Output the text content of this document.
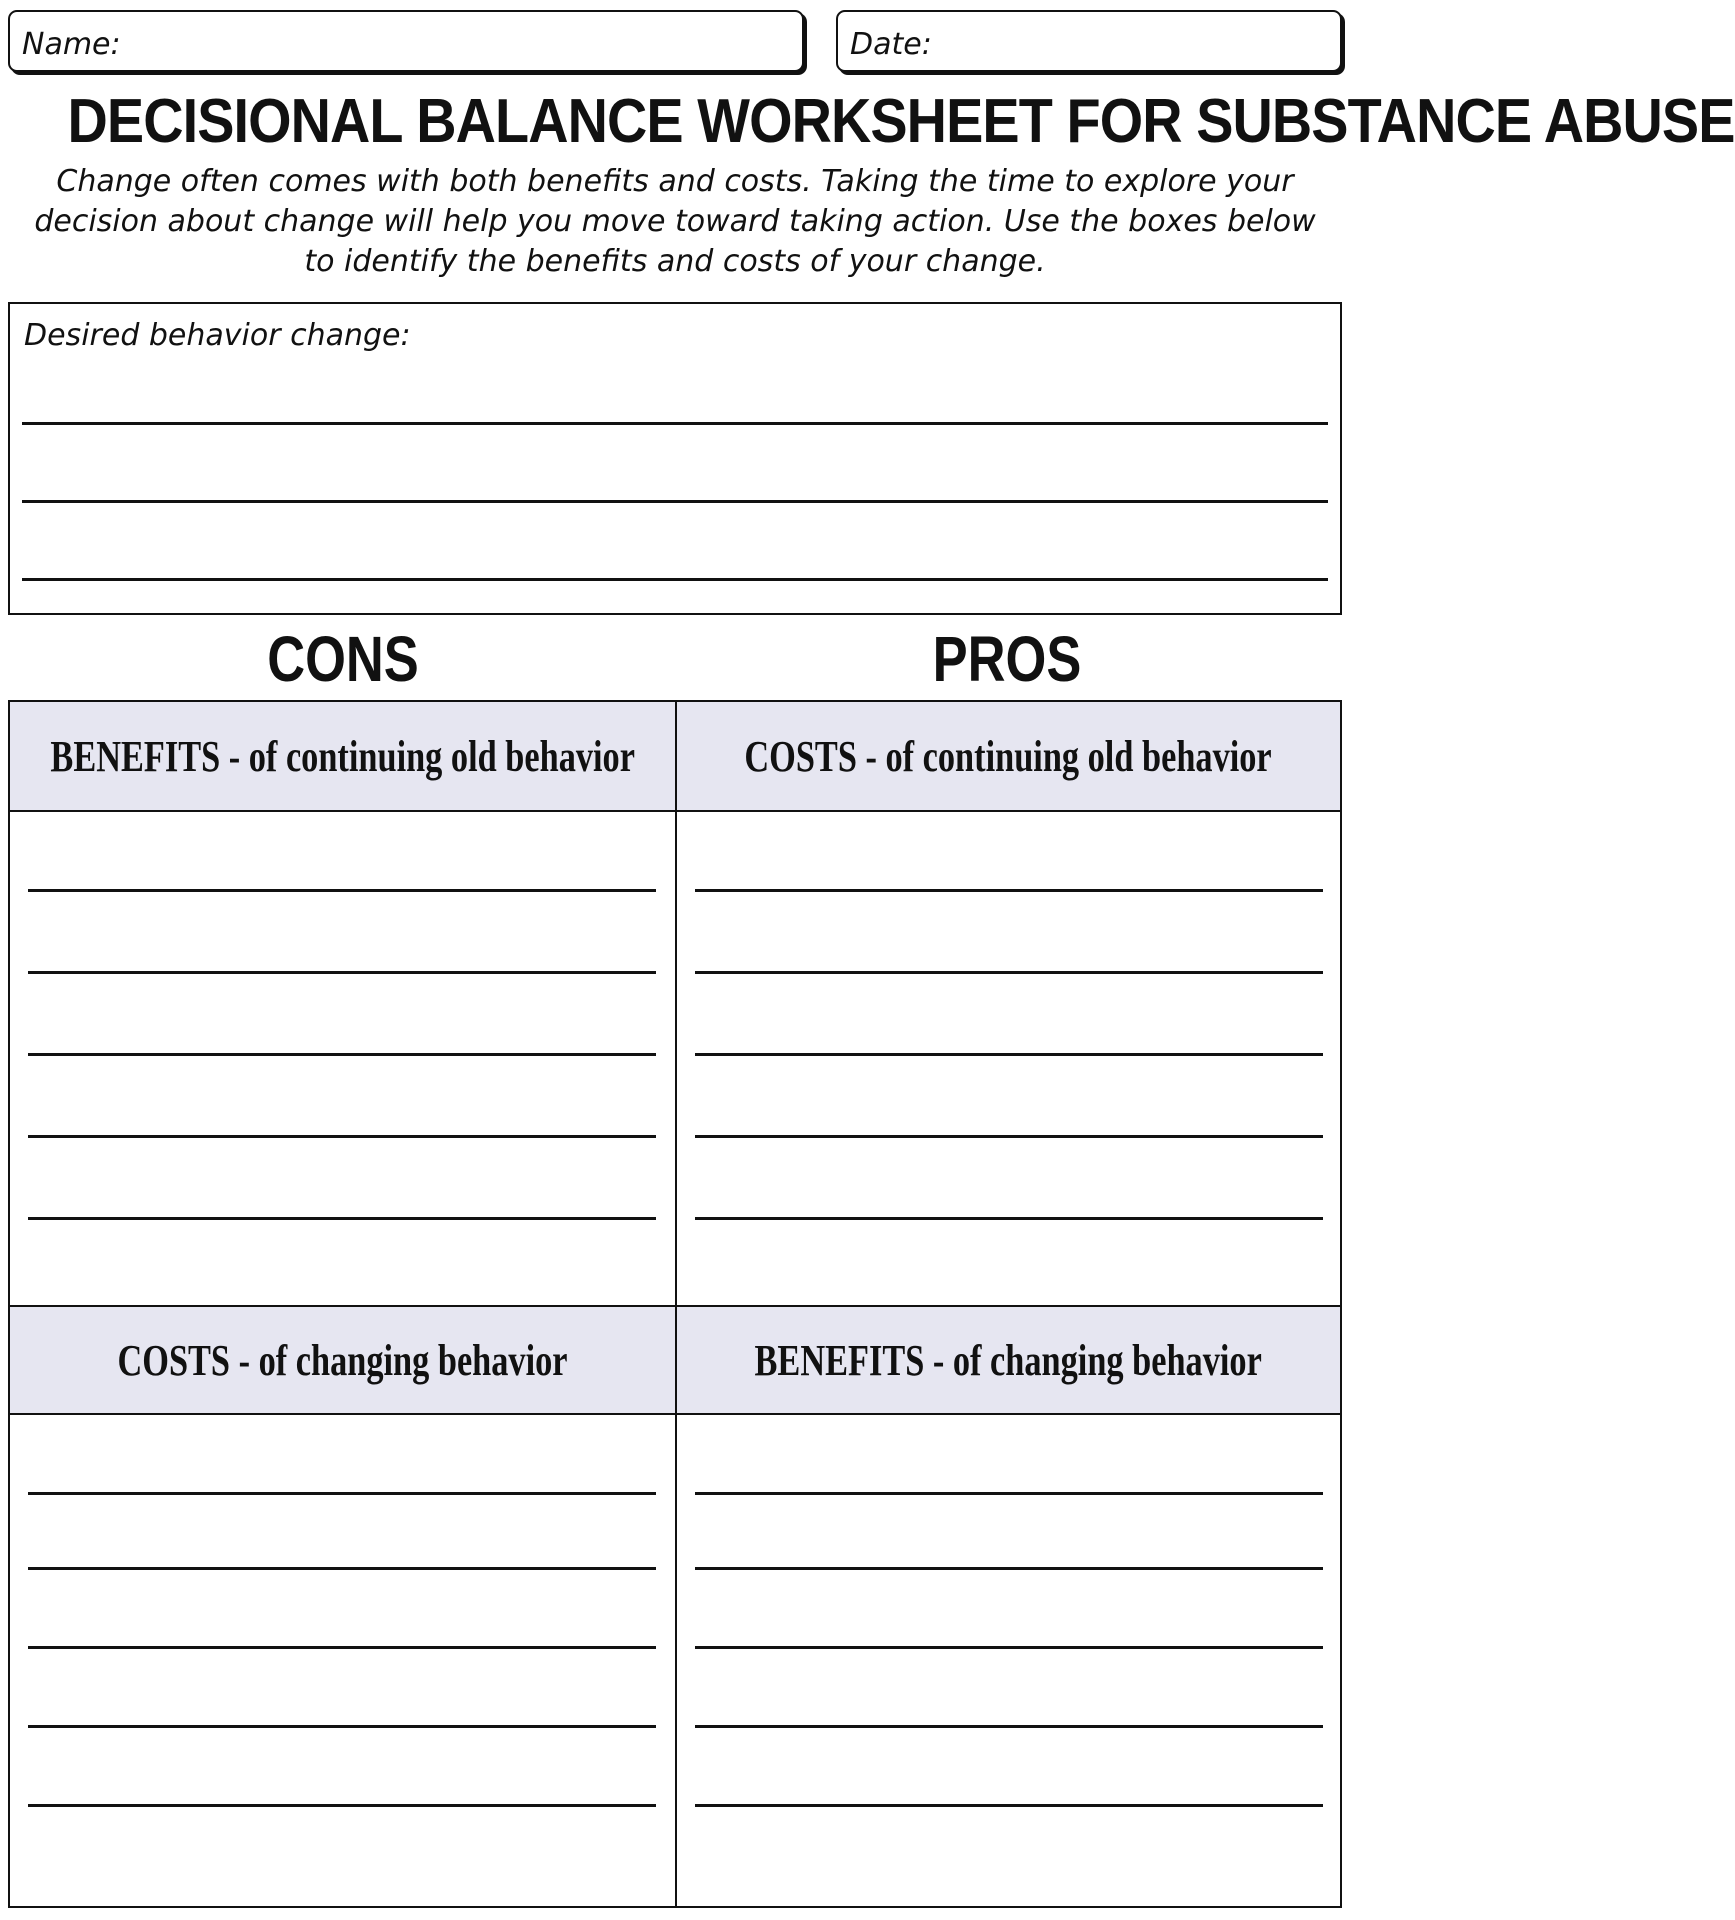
Name:	Date:
DECISIONAL BALANCE WORKSHEET FOR SUBSTANCE ABUSE
Change often comes with both benefits and costs. Taking the time to explore your
decision about change will help you move toward taking action. Use the boxes below
to identify the benefits and costs of your change.
Desired behavior change:
CONS	PROS
BENEFITS - of continuing old behavior	COSTS - of continuing old behavior
COSTS - of changing behavior	BENEFITS - of changing behavior
